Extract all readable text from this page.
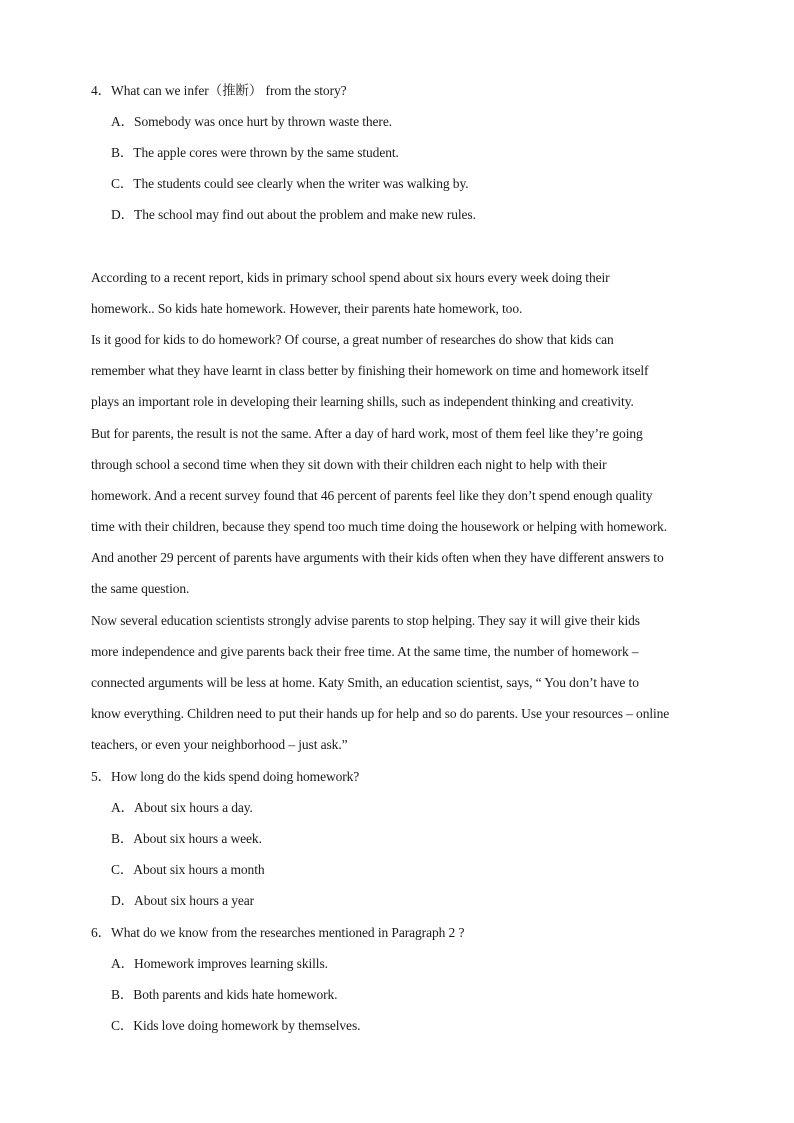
4．What can we infer（推断） from the story?
A．Somebody was once hurt by thrown waste there.
B．The apple cores were thrown by the same student.
C．The students could see clearly when the writer was walking by.
D．The school may find out about the problem and make new rules.
According to a recent report, kids in primary school spend about six hours every week doing their
homework.. So kids hate homework. However, their parents hate homework, too.
Is it good for kids to do homework? Of course, a great number of researches do show that kids can
remember what they have learnt in class better by finishing their homework on time and homework itself
plays an important role in developing their learning shills, such as independent thinking and creativity.
But for parents, the result is not the same. After a day of hard work, most of them feel like they’re going
through school a second time when they sit down with their children each night to help with their
homework. And a recent survey found that 46 percent of parents feel like they don’t spend enough quality
time with their children, because they spend too much time doing the housework or helping with homework.
And another 29 percent of parents have arguments with their kids often when they have different answers to
the same question.
Now several education scientists strongly advise parents to stop helping. They say it will give their kids
more independence and give parents back their free time. At the same time, the number of homework –
connected arguments will be less at home. Katy Smith, an education scientist, says, “ You don’t have to
know everything. Children need to put their hands up for help and so do parents. Use your resources – online
teachers, or even your neighborhood – just ask.”
5．How long do the kids spend doing homework?
A．About six hours a day.
B．About six hours a week.
C．About six hours a month
D．About six hours a year
6．What do we know from the researches mentioned in Paragraph 2 ?
A．Homework improves learning skills.
B．Both parents and kids hate homework.
C．Kids love doing homework by themselves.
